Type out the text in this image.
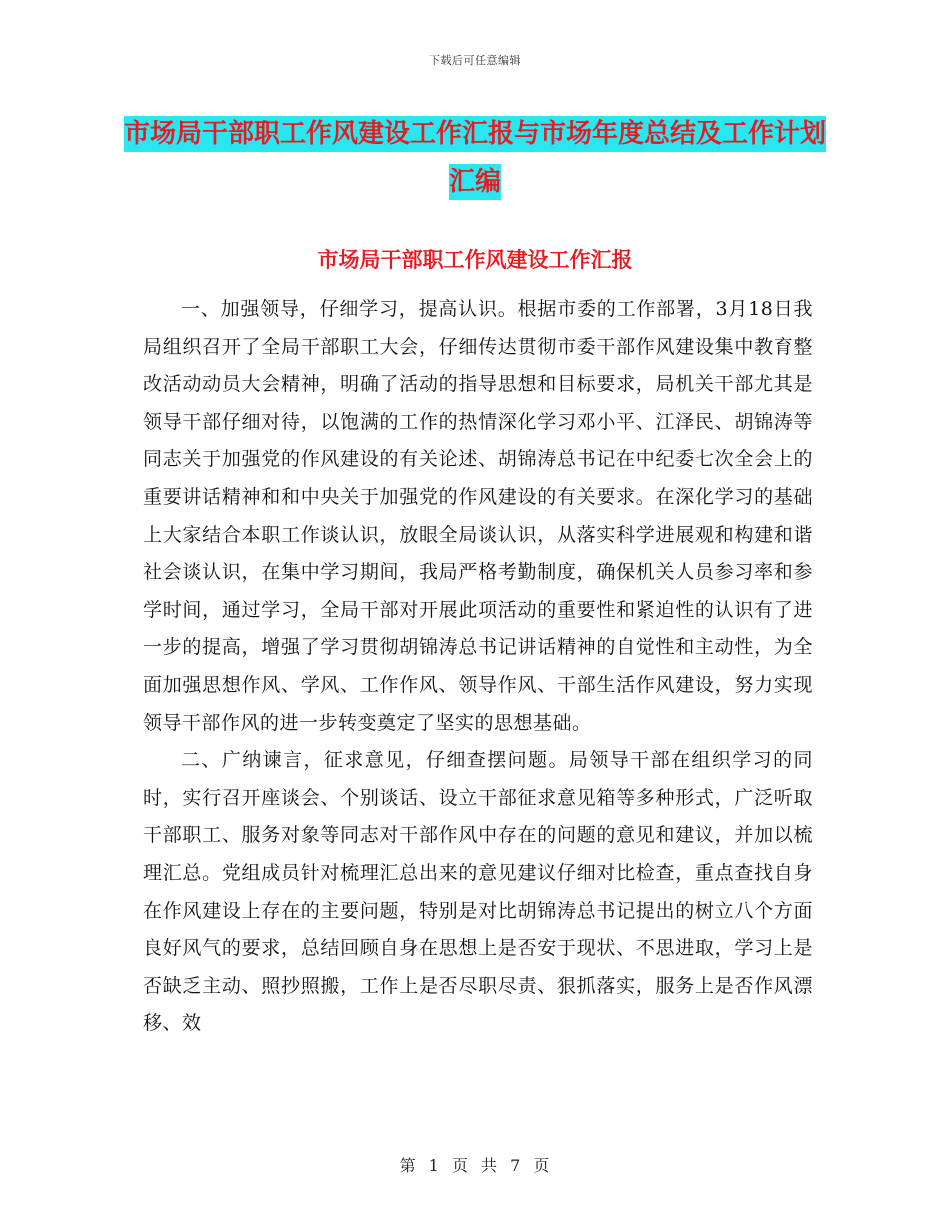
下载后可任意编辑
市场局干部职工作风建设工作汇报与市场年度总结及工作计划汇编
市场局干部职工作风建设工作汇报

一、加强领导，仔细学习，提高认识。根据市委的工作部署，3月18日我局组织召开了全局干部职工大会，仔细传达贯彻市委干部作风建设集中教育整改活动动员大会精神，明确了活动的指导思想和目标要求，局机关干部尤其是领导干部仔细对待，以饱满的工作的热情深化学习邓小平、江泽民、胡锦涛等同志关于加强党的作风建设的有关论述、胡锦涛总书记在中纪委七次全会上的重要讲话精神和和中央关于加强党的作风建设的有关要求。在深化学习的基础上大家结合本职工作谈认识，放眼全局谈认识，从落实科学进展观和构建和谐社会谈认识，在集中学习期间，我局严格考勤制度，确保机关人员参习率和参学时间，通过学习，全局干部对开展此项活动的重要性和紧迫性的认识有了进一步的提高，增强了学习贯彻胡锦涛总书记讲话精神的自觉性和主动性，为全面加强思想作风、学风、工作作风、领导作风、干部生活作风建设，努力实现领导干部作风的进一步转变奠定了坚实的思想基础。

二、广纳谏言，征求意见，仔细查摆问题。局领导干部在组织学习的同时，实行召开座谈会、个别谈话、设立干部征求意见箱等多种形式，广泛听取干部职工、服务对象等同志对干部作风中存在的问题的意见和建议，并加以梳理汇总。党组成员针对梳理汇总出来的意见建议仔细对比检查，重点查找自身在作风建设上存在的主要问题，特别是对比胡锦涛总书记提出的树立八个方面良好风气的要求，总结回顾自身在思想上是否安于现状、不思进取，学习上是否缺乏主动、照抄照搬，工作上是否尽职尽责、狠抓落实，服务上是否作风漂移、效

第 1 页 共 7 页
